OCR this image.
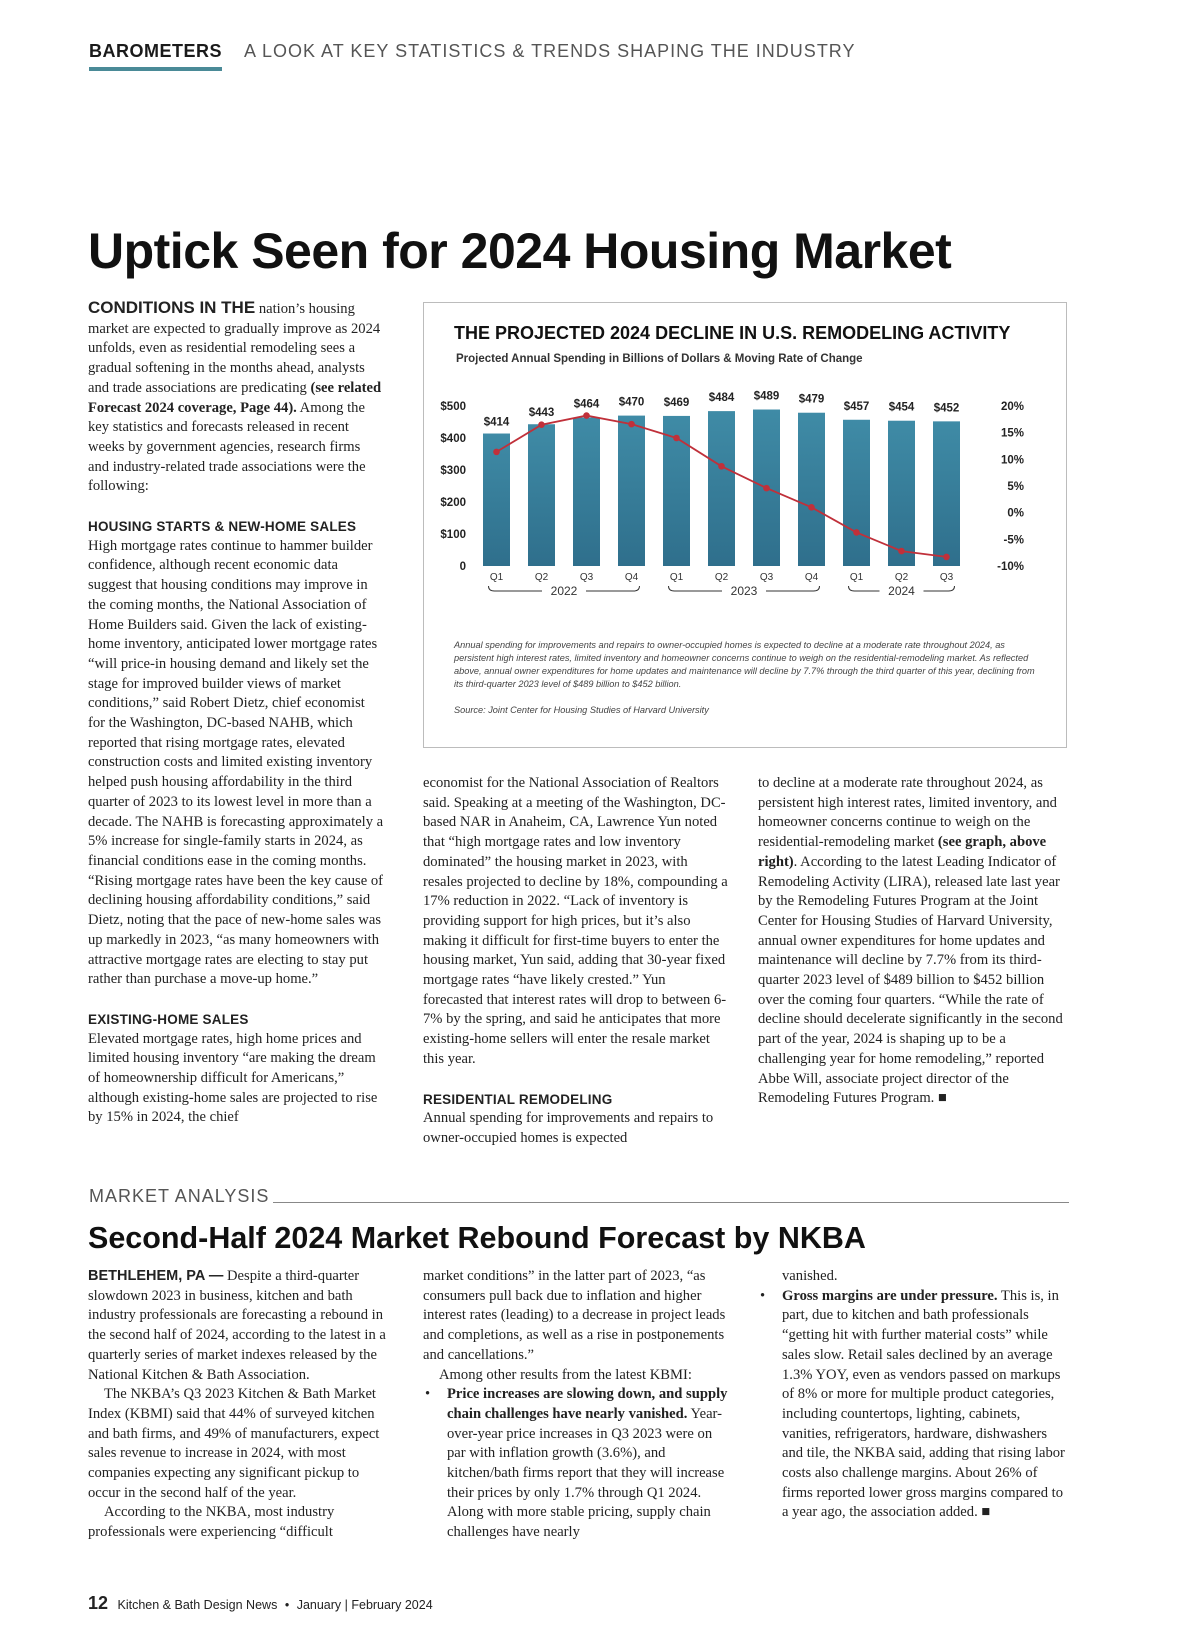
BAROMETERS A LOOK AT KEY STATISTICS & TRENDS SHAPING THE INDUSTRY
Uptick Seen for 2024 Housing Market

CONDITIONS IN THE nation’s housing market are expected to gradually improve as 2024 unfolds, even as residential remodeling sees a gradual softening in the months ahead, analysts and trade associations are predicating (see related Forecast 2024 coverage, Page 44). Among the key statistics and forecasts released in recent weeks by government agencies, research firms and industry-related trade associations were the following:

HOUSING STARTS & NEW-HOME SALES

High mortgage rates continue to hammer builder confidence, although recent economic data suggest that housing conditions may improve in the coming months, the National Association of Home Builders said. Given the lack of existing-home inventory, anticipated lower mortgage rates “will price-in housing demand and likely set the stage for improved builder views of market conditions,” said Robert Dietz, chief economist for the Washington, DC-based NAHB, which reported that rising mortgage rates, elevated construction costs and limited existing inventory helped push housing affordability in the third quarter of 2023 to its lowest level in more than a decade. The NAHB is forecasting approximately a 5% increase for single-family starts in 2024, as financial conditions ease in the coming months. “Rising mortgage rates have been the key cause of declining housing affordability conditions,” said Dietz, noting that the pace of new-home sales was up markedly in 2023, “as many homeowners with attractive mortgage rates are electing to stay put rather than purchase a move-up home.”

EXISTING-HOME SALES

Elevated mortgage rates, high home prices and limited housing inventory “are making the dream of homeownership difficult for Americans,” although existing-home sales are projected to rise by 15% in 2024, the chief

THE PROJECTED 2024 DECLINE IN U.S. REMODELING ACTIVITY
Projected Annual Spending in Billions of Dollars & Moving Rate of Change
0
$100
$200
$300
$400
$500
-10%
-5%
0%
5%
10%
15%
20%
$414
Q1
$443
Q2
$464
Q3
$470
Q4
$469
Q1
$484
Q2
$489
Q3
$479
Q4
$457
Q1
$454
Q2
$452
Q3
2022	2023	2024
Annual spending for improvements and repairs to owner-occupied homes is expected to decline at a moderate rate throughout 2024, as persistent high interest rates, limited inventory and homeowner concerns continue to weigh on the residential-remodeling market. As reflected above, annual owner expenditures for home updates and maintenance will decline by 7.7% through the third quarter of this year, declining from its third-quarter 2023 level of $489 billion to $452 billion.
Source: Joint Center for Housing Studies of Harvard University

economist for the National Association of Realtors said. Speaking at a meeting of the Washington, DC-based NAR in Anaheim, CA, Lawrence Yun noted that “high mortgage rates and low inventory dominated” the housing market in 2023, with resales projected to decline by 18%, compounding a 17% reduction in 2022. “Lack of inventory is providing support for high prices, but it’s also making it difficult for first-time buyers to enter the housing market, Yun said, adding that 30-year fixed mortgage rates “have likely crested.” Yun forecasted that interest rates will drop to between 6-7% by the spring, and said he anticipates that more existing-home sellers will enter the resale market this year.

RESIDENTIAL REMODELING

Annual spending for improvements and repairs to owner-occupied homes is expected

to decline at a moderate rate throughout 2024, as persistent high interest rates, limited inventory, and homeowner concerns continue to weigh on the residential-remodeling market (see graph, above right). According to the latest Leading Indicator of Remodeling Activity (LIRA), released late last year by the Remodeling Futures Program at the Joint Center for Housing Studies of Harvard University, annual owner expenditures for home updates and maintenance will decline by 7.7% from its third-quarter 2023 level of $489 billion to $452 billion over the coming four quarters. “While the rate of decline should decelerate significantly in the second part of the year, 2024 is shaping up to be a challenging year for home remodeling,” reported Abbe Will, associate project director of the Remodeling Futures Program. ■

MARKET ANALYSIS
Second-Half 2024 Market Rebound Forecast by NKBA

BETHLEHEM, PA — Despite a third-quarter slowdown 2023 in business, kitchen and bath industry professionals are forecasting a rebound in the second half of 2024, according to the latest in a quarterly series of market indexes released by the National Kitchen & Bath Association.

The NKBA’s Q3 2023 Kitchen & Bath Market Index (KBMI) said that 44% of surveyed kitchen and bath firms, and 49% of manufacturers, expect sales revenue to increase in 2024, with most companies expecting any significant pickup to occur in the second half of the year.

According to the NKBA, most industry professionals were experiencing “difficult

market conditions” in the latter part of 2023, “as consumers pull back due to inflation and higher interest rates (leading) to a decrease in project leads and completions, as well as a rise in postponements and cancellations.”

Among other results from the latest KBMI:

• Price increases are slowing down, and supply chain challenges have nearly vanished. Year-over-year price increases in Q3 2023 were on par with inflation growth (3.6%), and kitchen/bath firms report that they will increase their prices by only 1.7% through Q1 2024. Along with more stable pricing, supply chain challenges have nearly

vanished.

• Gross margins are under pressure. This is, in part, due to kitchen and bath professionals “getting hit with further material costs” while sales slow. Retail sales declined by an average 1.3% YOY, even as vendors passed on markups of 8% or more for multiple product categories, including countertops, lighting, cabinets, vanities, refrigerators, hardware, dishwashers and tile, the NKBA said, adding that rising labor costs also challenge margins. About 26% of firms reported lower gross margins compared to a year ago, the association added. ■
12 Kitchen & Bath Design News • January | February 2024
